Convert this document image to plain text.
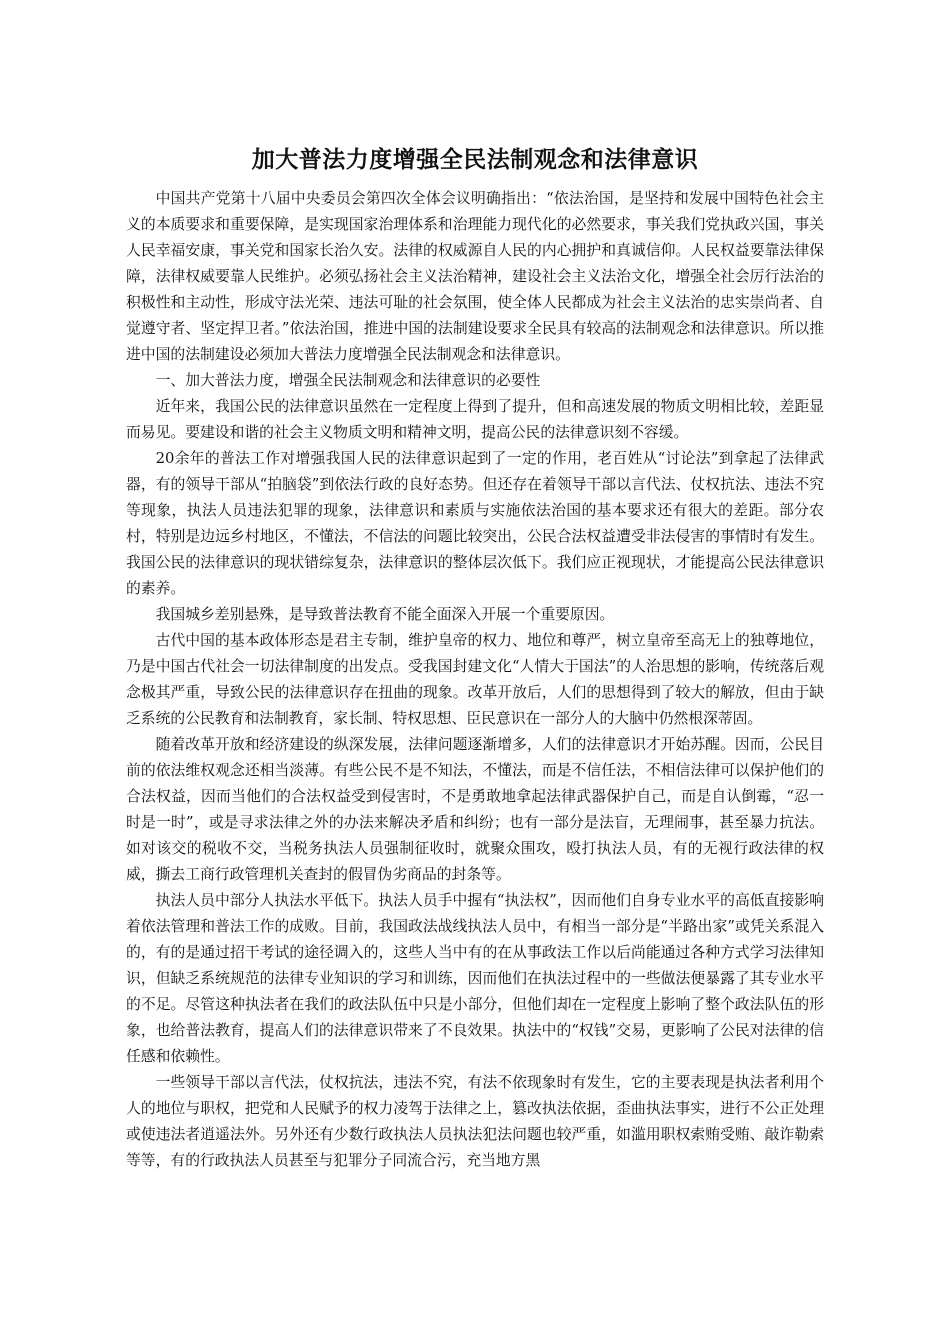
加大普法力度增强全民法制观念和法律意识

中国共产党第十八届中央委员会第四次全体会议明确指出：“依法治国，是坚持和发展中国特色社会主义的本质要求和重要保障，是实现国家治理体系和治理能力现代化的必然要求，事关我们党执政兴国，事关人民幸福安康，事关党和国家长治久安。法律的权威源自人民的内心拥护和真诚信仰。人民权益要靠法律保障，法律权威要靠人民维护。必须弘扬社会主义法治精神，建设社会主义法治文化，增强全社会厉行法治的积极性和主动性，形成守法光荣、违法可耻的社会氛围，使全体人民都成为社会主义法治的忠实崇尚者、自觉遵守者、坚定捍卫者。”依法治国，推进中国的法制建设要求全民具有较高的法制观念和法律意识。所以推进中国的法制建设必须加大普法力度增强全民法制观念和法律意识。

一、加大普法力度，增强全民法制观念和法律意识的必要性

近年来，我国公民的法律意识虽然在一定程度上得到了提升，但和高速发展的物质文明相比较，差距显而易见。要建设和谐的社会主义物质文明和精神文明，提高公民的法律意识刻不容缓。

20余年的普法工作对增强我国人民的法律意识起到了一定的作用，老百姓从“讨论法”到拿起了法律武器，有的领导干部从“拍脑袋”到依法行政的良好态势。但还存在着领导干部以言代法、仗权抗法、违法不究等现象，执法人员违法犯罪的现象，法律意识和素质与实施依法治国的基本要求还有很大的差距。部分农村，特别是边远乡村地区，不懂法，不信法的问题比较突出，公民合法权益遭受非法侵害的事情时有发生。我国公民的法律意识的现状错综复杂，法律意识的整体层次低下。我们应正视现状，才能提高公民法律意识的素养。

我国城乡差别悬殊，是导致普法教育不能全面深入开展一个重要原因。

古代中国的基本政体形态是君主专制，维护皇帝的权力、地位和尊严，树立皇帝至高无上的独尊地位，乃是中国古代社会一切法律制度的出发点。受我国封建文化“人情大于国法”的人治思想的影响，传统落后观念极其严重，导致公民的法律意识存在扭曲的现象。改革开放后，人们的思想得到了较大的解放，但由于缺乏系统的公民教育和法制教育，家长制、特权思想、臣民意识在一部分人的大脑中仍然根深蒂固。

随着改革开放和经济建设的纵深发展，法律问题逐渐增多，人们的法律意识才开始苏醒。因而，公民目前的依法维权观念还相当淡薄。有些公民不是不知法，不懂法，而是不信任法，不相信法律可以保护他们的合法权益，因而当他们的合法权益受到侵害时，不是勇敢地拿起法律武器保护自己，而是自认倒霉，“忍一时是一时”，或是寻求法律之外的办法来解决矛盾和纠纷；也有一部分是法盲，无理闹事，甚至暴力抗法。如对该交的税收不交，当税务执法人员强制征收时，就聚众围攻，殴打执法人员，有的无视行政法律的权威，撕去工商行政管理机关查封的假冒伪劣商品的封条等。

执法人员中部分人执法水平低下。执法人员手中握有“执法权”，因而他们自身专业水平的高低直接影响着依法管理和普法工作的成败。目前，我国政法战线执法人员中，有相当一部分是“半路出家”或凭关系混入的，有的是通过招干考试的途径调入的，这些人当中有的在从事政法工作以后尚能通过各种方式学习法律知识，但缺乏系统规范的法律专业知识的学习和训练，因而他们在执法过程中的一些做法便暴露了其专业水平的不足。尽管这种执法者在我们的政法队伍中只是小部分，但他们却在一定程度上影响了整个政法队伍的形象，也给普法教育，提高人们的法律意识带来了不良效果。执法中的“权钱”交易，更影响了公民对法律的信任感和依赖性。

一些领导干部以言代法，仗权抗法，违法不究，有法不依现象时有发生，它的主要表现是执法者利用个人的地位与职权，把党和人民赋予的权力凌驾于法律之上，篡改执法依据，歪曲执法事实，进行不公正处理或使违法者逍遥法外。另外还有少数行政执法人员执法犯法问题也较严重，如滥用职权索贿受贿、敲诈勒索等等，有的行政执法人员甚至与犯罪分子同流合污，充当地方黑
